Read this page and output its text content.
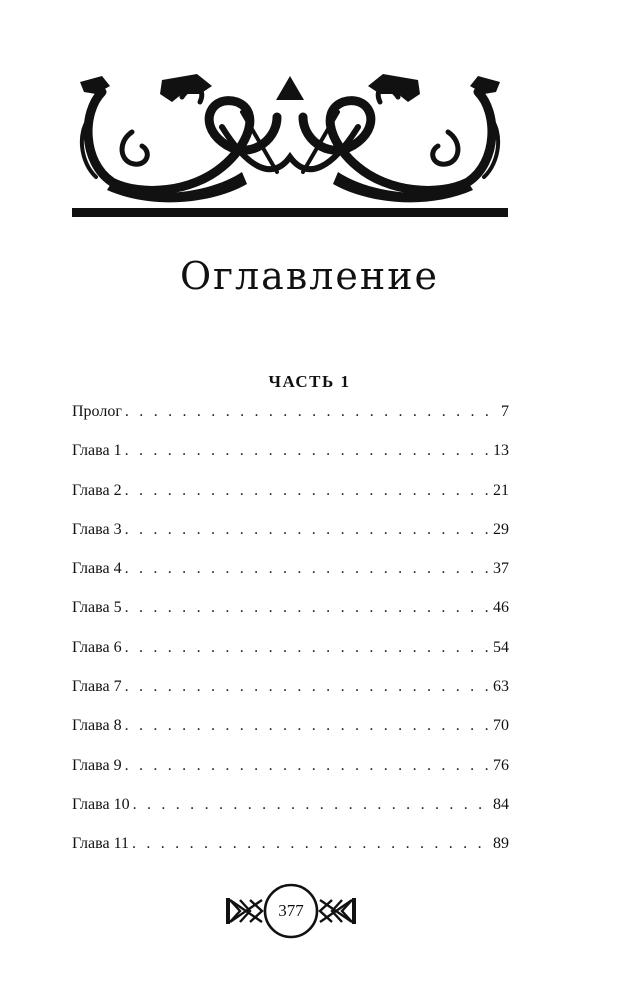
Оглавление
ЧАСТЬ 1
Пролог . . .	7
Глава 1 . . .	13
Глава 2 . . .	21
Глава 3 . . .	29
Глава 4 . . .	37
Глава 5 . . .	46
Глава 6 . . .	54
Глава 7 . . .	63
Глава 8 . . .	70
Глава 9 . . .	76
Глава 10 . . .	84
Глава 11 . . .	89

377
